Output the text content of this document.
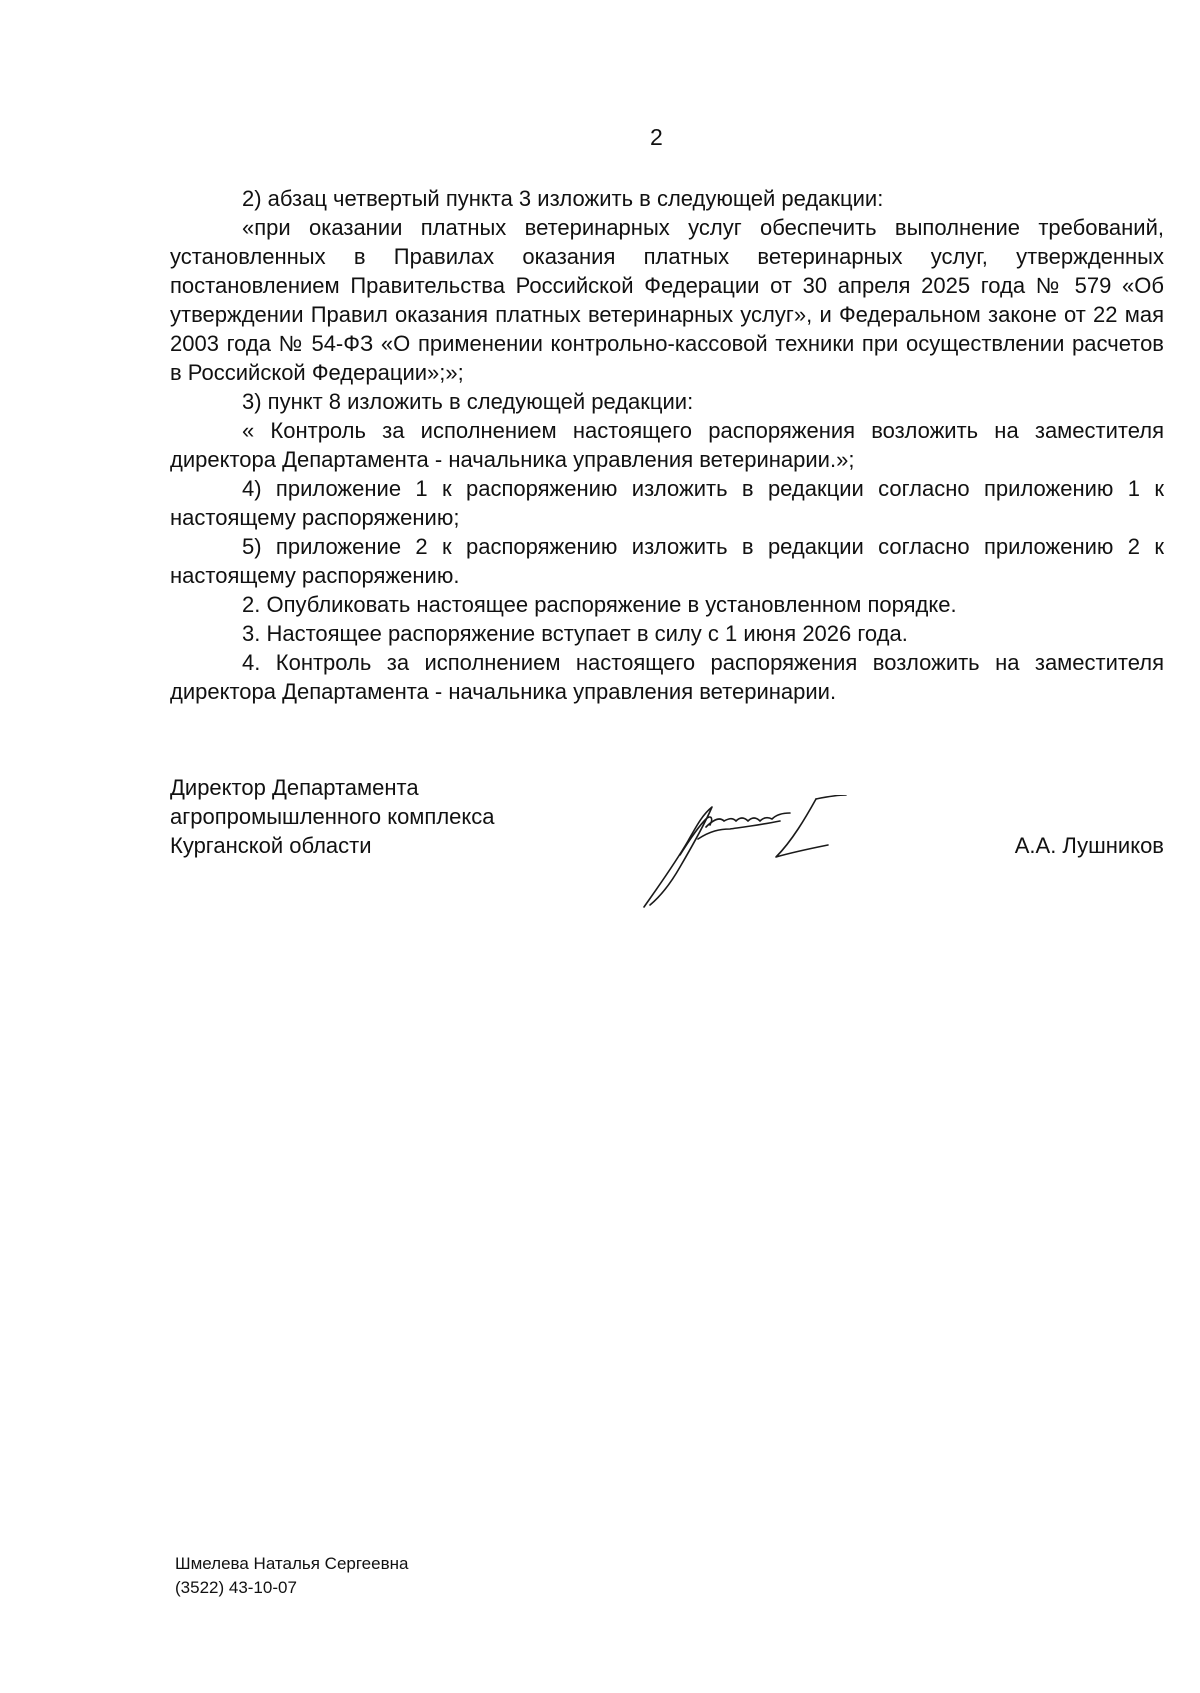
2

2) абзац четвертый пункта 3 изложить в следующей редакции:

«при оказании платных ветеринарных услуг обеспечить выполнение требований, установленных в Правилах оказания платных ветеринарных услуг, утвержденных постановлением Правительства Российской Федерации от 30 апреля 2025 года № 579 «Об утверждении Правил оказания платных ветеринарных услуг», и Федеральном законе от 22 мая 2003 года № 54-ФЗ «О применении контрольно-кассовой техники при осуществлении расчетов в Российской Федерации»;»;

3) пункт 8 изложить в следующей редакции:

« Контроль за исполнением настоящего распоряжения возложить на заместителя директора Департамента - начальника управления ветеринарии.»;

4) приложение 1 к распоряжению изложить в редакции согласно приложению 1 к настоящему распоряжению;

5) приложение 2 к распоряжению изложить в редакции согласно приложению 2 к настоящему распоряжению.

2. Опубликовать настоящее распоряжение в установленном порядке.

3. Настоящее распоряжение вступает в силу с 1 июня 2026 года.

4. Контроль за исполнением настоящего распоряжения возложить на заместителя директора Департамента - начальника управления ветеринарии.

Директор Департамента
агропромышленного комплекса
Курганской области	А.А. Лушников
Шмелева Наталья Сергеевна
(3522) 43-10-07
